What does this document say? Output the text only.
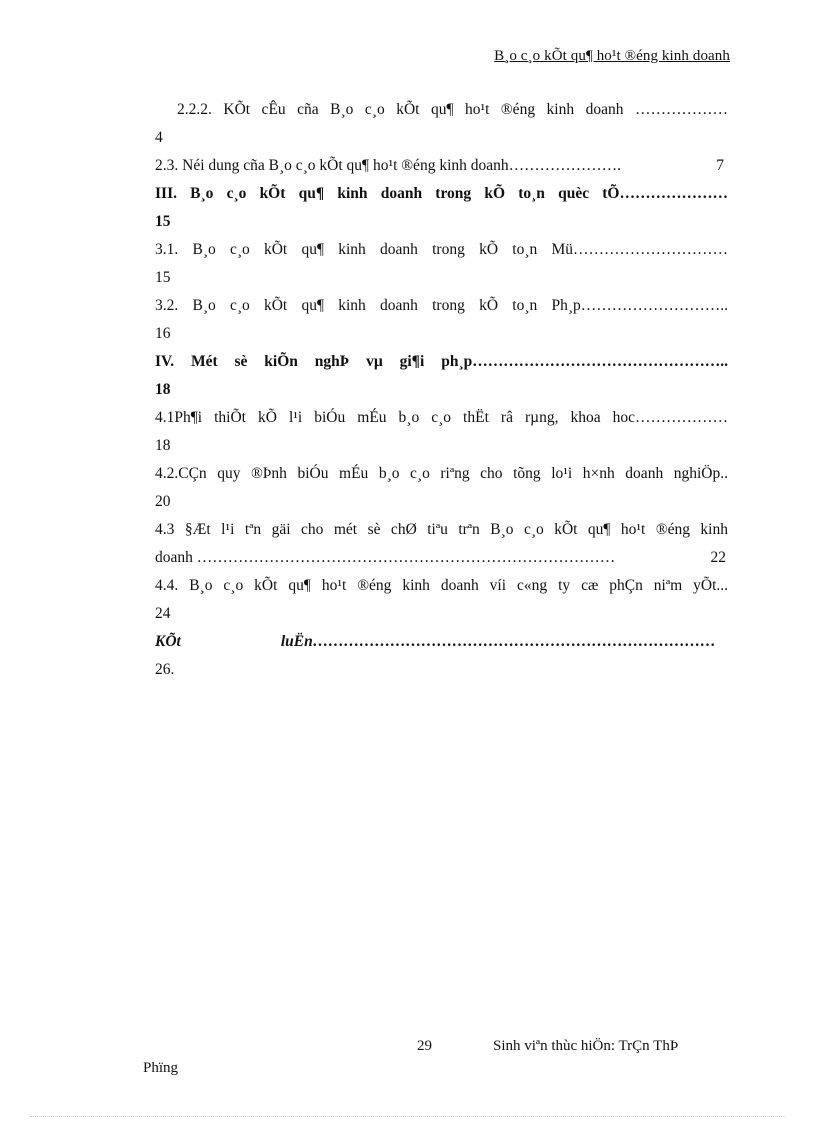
B¸o c¸o kÕt qu¶ ho¹t ®éng kinh doanh
2.2.2. KÕt cÊu cña B¸o c¸o kÕt qu¶ ho¹t ®éng kinh doanh ………………
4
2.3. Néi dung cña B¸o c¸o kÕt qu¶ ho¹t ®éng kinh doanh………………….	7
III. B¸o c¸o kÕt qu¶ kinh doanh trong kÕ to¸n quèc tÕ…………………
15
3.1. B¸o c¸o kÕt qu¶ kinh doanh trong kÕ to¸n Mü…………………………
15
3.2. B¸o c¸o kÕt qu¶ kinh doanh trong kÕ to¸n Ph¸p………………………..
16
IV. Mét sè kiÕn nghÞ vµ gi¶i ph¸p…………………………………………..
18
4.1Ph¶i thiÕt kÕ l¹i biÓu mÉu b¸o c¸o thËt râ rµng, khoa hoc………………
18
4.2.CÇn quy ®Þnh biÓu mÉu b¸o c¸o riªng cho tõng lo¹i h×nh doanh nghiÖp..
20
4.3 §Æt l¹i tªn gäi cho mét sè chØ tiªu trªn B¸o c¸o kÕt qu¶ ho¹t ®éng kinh
doanh ………………………………………………………………………	22
4.4. B¸o c¸o kÕt qu¶ ho¹t ®éng kinh doanh víi c«ng ty cæ phÇn niªm yÕt...
24
KÕt	luËn……………………………………………………………………
26.
29	Sinh viªn thùc hiÖn: TrÇn ThÞ
Phïng
